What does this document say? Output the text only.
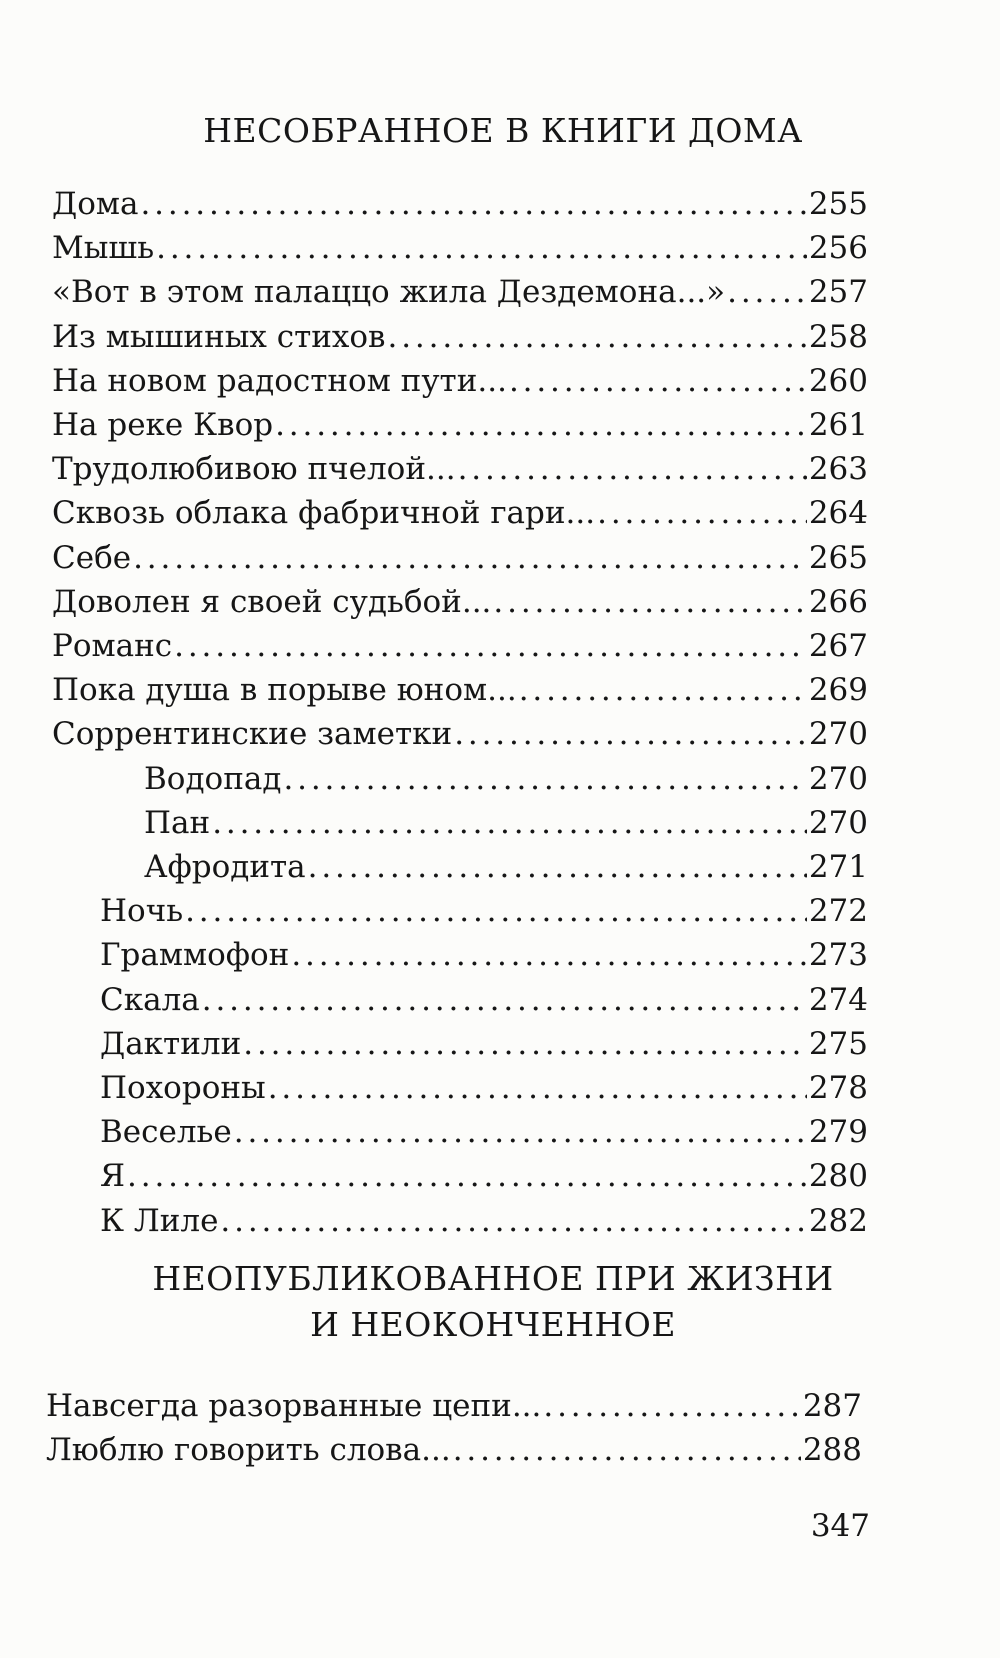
НЕСОБРАННОЕ В КНИГИ ДОМА
Дома . . .	255
Мышь . . .	256
«Вот в этом палаццо жила Дездемона...» . . .	257
Из мышиных стихов . . .	258
На новом радостном пути... . . .	260
На реке Квор . . .	261
Трудолюбивою пчелой... . . .	263
Сквозь облака фабричной гари... . . .	264
Себе . . .	265
Доволен я своей судьбой... . . .	266
Романс . . .	267
Пока душа в порыве юном... . . .	269
Соррентинские заметки . . .	270
Водопад . . .	270
Пан . . .	270
Афродита . . .	271
Ночь . . .	272
Граммофон . . .	273
Скала . . .	274
Дактили . . .	275
Похороны . . .	278
Веселье . . .	279
Я . . .	280
К Лиле . . .	282
НЕОПУБЛИКОВАННОЕ ПРИ ЖИЗНИ
И НЕОКОНЧЕННОЕ
Навсегда разорванные цепи... . . .	287
Люблю говорить слова... . . .	288
347
